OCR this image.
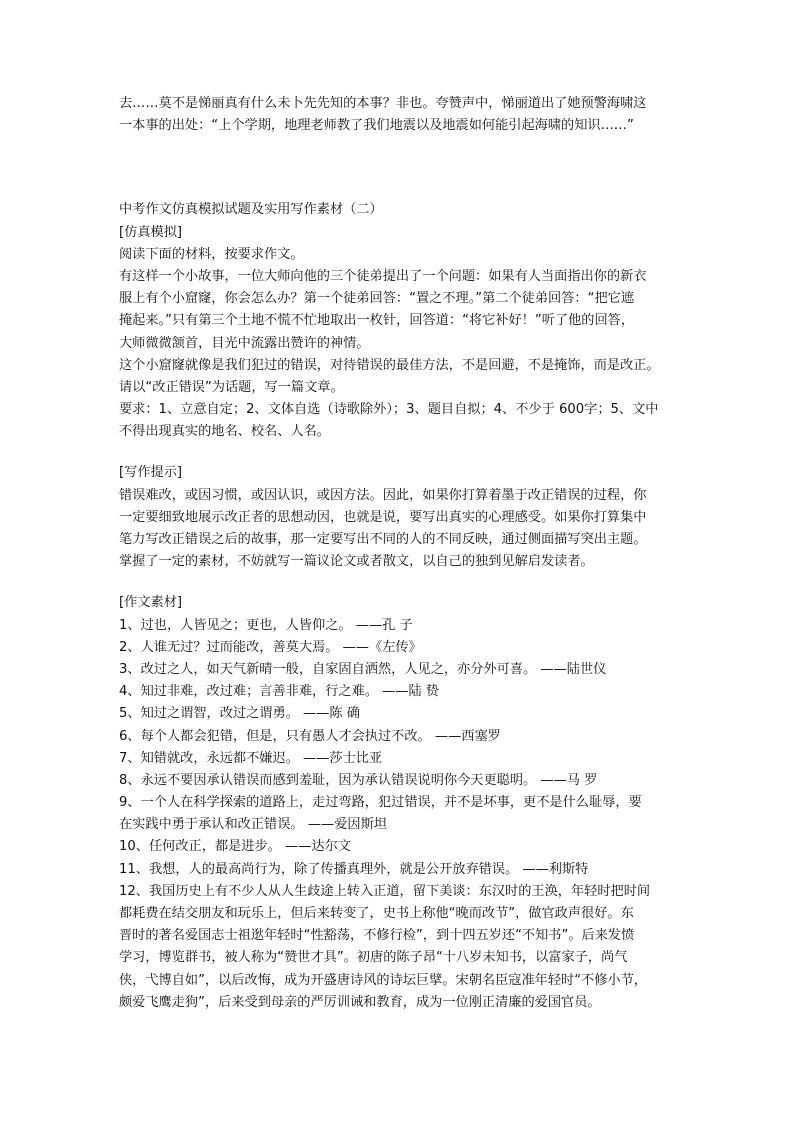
去……莫不是悌丽真有什么未卜先先知的本事？非也。夸赞声中，悌丽道出了她预警海啸这
一本事的出处：“上个学期，地理老师教了我们地震以及地震如何能引起海啸的知识……”
中考作文仿真模拟试题及实用写作素材（二）
[仿真模拟]
阅读下面的材料，按要求作文。
有这样一个小故事，一位大师向他的三个徒弟提出了一个问题：如果有人当面指出你的新衣
服上有个小窟窿，你会怎么办？第一个徒弟回答：“置之不理。”第二个徒弟回答：“把它遮
掩起来。”只有第三个土地不慌不忙地取出一枚针，回答道：“将它补好！”听了他的回答，
大师微微颔首，目光中流露出赞许的神情。
这个小窟窿就像是我们犯过的错误，对待错误的最佳方法，不是回避，不是掩饰，而是改正。
请以“改正错误”为话题，写一篇文章。
要求：1、立意自定；2、文体自选（诗歌除外）；3、题目自拟；4、不少于 600字；5、文中
不得出现真实的地名、校名、人名。
[写作提示]
错误难改，或因习惯，或因认识，或因方法。因此，如果你打算着墨于改正错误的过程，你
一定要细致地展示改正者的思想动因，也就是说，要写出真实的心理感受。如果你打算集中
笔力写改正错误之后的故事，那一定要写出不同的人的不同反映，通过侧面描写突出主题。
掌握了一定的素材，不妨就写一篇议论文或者散文，以自己的独到见解启发读者。
[作文素材]
1、过也，人皆见之；更也，人皆仰之。 ——孔 子
2、人谁无过？过而能改，善莫大焉。 ——《左传》
3、改过之人，如天气新晴一般，自家固自洒然，人见之，亦分外可喜。 ——陆世仪
4、知过非难，改过难；言善非难，行之难。 ——陆 贽
5、知过之谓智，改过之谓勇。 ——陈 确
6、每个人都会犯错，但是，只有愚人才会执过不改。 ——西塞罗
7、知错就改，永远都不嫌迟。 ——莎士比亚
8、永远不要因承认错误而感到羞耻，因为承认错误说明你今天更聪明。 ——马 罗
9、一个人在科学探索的道路上，走过弯路，犯过错误，并不是坏事，更不是什么耻辱，要
在实践中勇于承认和改正错误。 ——爱因斯坦
10、任何改正，都是进步。 ——达尔文
11、我想，人的最高尚行为，除了传播真理外，就是公开放弃错误。 ——利斯特
12、我国历史上有不少人从人生歧途上转入正道，留下美谈：东汉时的王涣，年轻时把时间
都耗费在结交朋友和玩乐上，但后来转变了，史书上称他“晚而改节”，做官政声很好。东
晋时的著名爱国志士祖逖年轻时“性豁荡，不修行检”，到十四五岁还“不知书”。后来发愤
学习，博览群书，被人称为“赞世才具”。初唐的陈子昂“十八岁未知书，以富家子，尚气
侠，弋博自如”，以后改悔，成为开盛唐诗风的诗坛巨擘。宋朝名臣寇准年轻时“不修小节，
颇爱飞鹰走狗”，后来受到母亲的严厉训诫和教育，成为一位刚正清廉的爱国官员。
